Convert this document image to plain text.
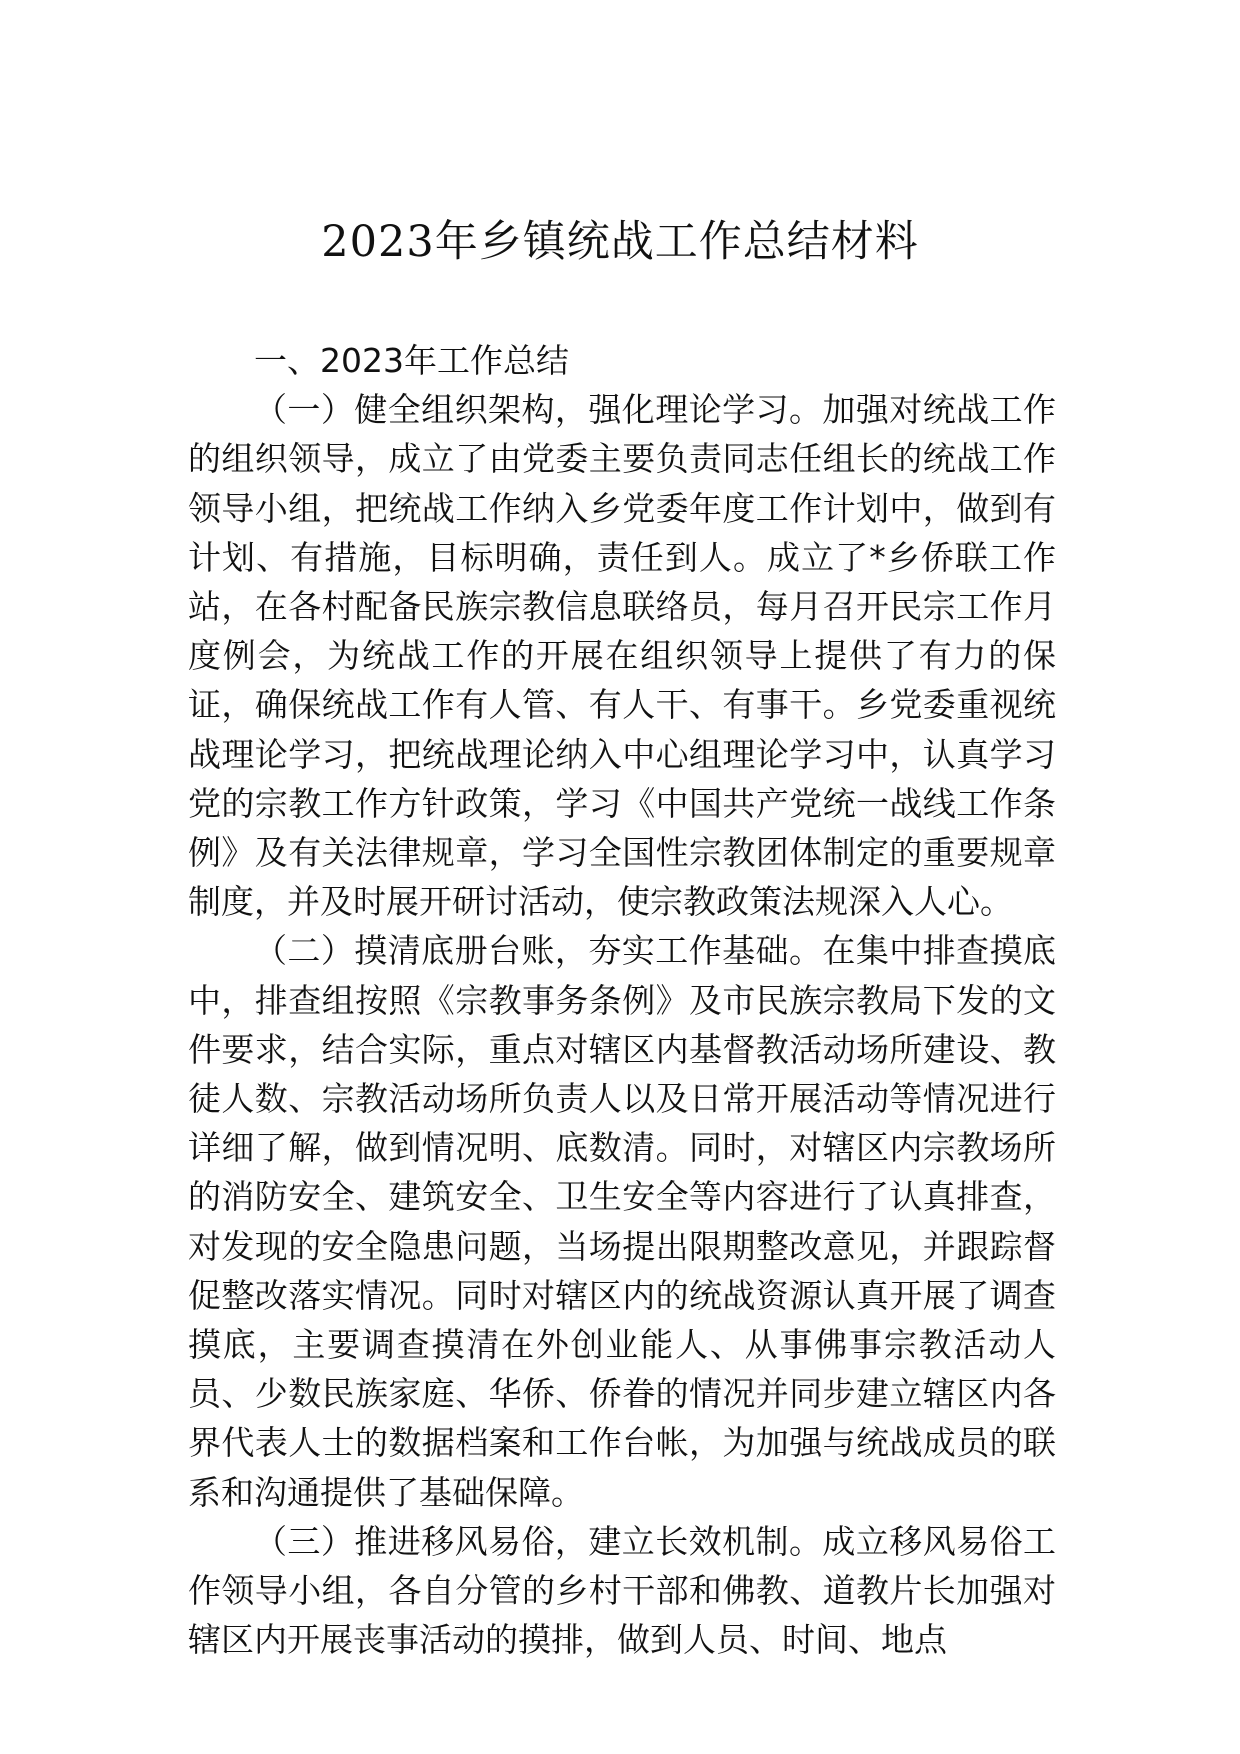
2023年乡镇统战工作总结材料

一、2023年工作总结

（一）健全组织架构，强化理论学习。加强对统战工作的组织领导，成立了由党委主要负责同志任组长的统战工作领导小组，把统战工作纳入乡党委年度工作计划中，做到有计划、有措施，目标明确，责任到人。成立了*乡侨联工作站，在各村配备民族宗教信息联络员，每月召开民宗工作月度例会，为统战工作的开展在组织领导上提供了有力的保证，确保统战工作有人管、有人干、有事干。乡党委重视统战理论学习，把统战理论纳入中心组理论学习中，认真学习党的宗教工作方针政策，学习《中国共产党统一战线工作条例》及有关法律规章，学习全国性宗教团体制定的重要规章制度，并及时展开研讨活动，使宗教政策法规深入人心。

（二）摸清底册台账，夯实工作基础。在集中排查摸底中，排查组按照《宗教事务条例》及市民族宗教局下发的文件要求，结合实际，重点对辖区内基督教活动场所建设、教徒人数、宗教活动场所负责人以及日常开展活动等情况进行详细了解，做到情况明、底数清。同时，对辖区内宗教场所的消防安全、建筑安全、卫生安全等内容进行了认真排查，对发现的安全隐患问题，当场提出限期整改意见，并跟踪督促整改落实情况。同时对辖区内的统战资源认真开展了调查摸底，主要调查摸清在外创业能人、从事佛事宗教活动人员、少数民族家庭、华侨、侨眷的情况并同步建立辖区内各界代表人士的数据档案和工作台帐，为加强与统战成员的联系和沟通提供了基础保障。

（三）推进移风易俗，建立长效机制。成立移风易俗工作领导小组，各自分管的乡村干部和佛教、道教片长加强对辖区内开展丧事活动的摸排，做到人员、时间、地点
